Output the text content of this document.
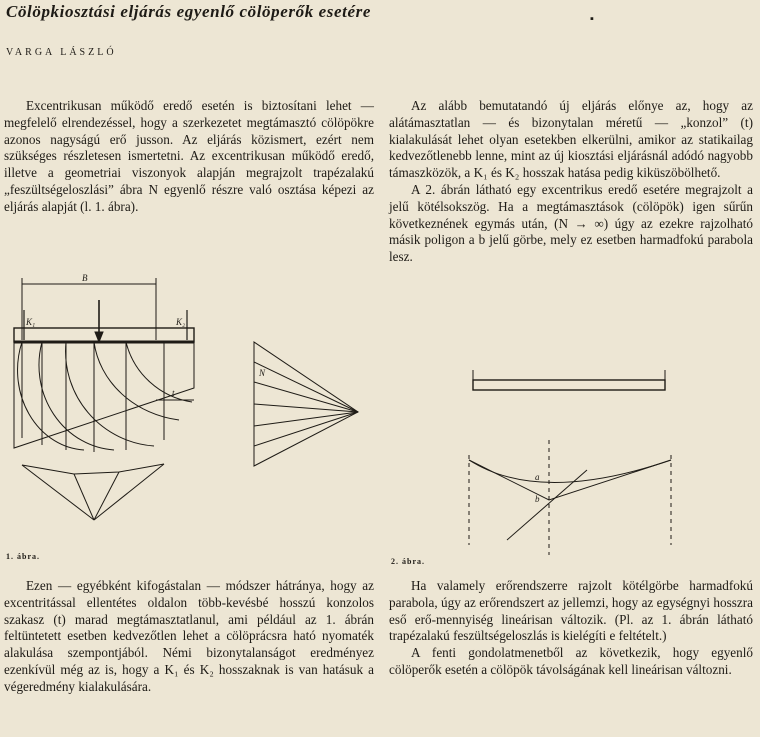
Cölöpkiosztási eljárás egyenlő cölöperők esetére	▪
VARGA LÁSZLÓ

Excentrikusan működő eredő esetén is biztosítani lehet — megfelelő elrendezéssel, hogy a szerkezetet megtámasztó cölöpökre azonos nagyságú erő jusson. Az eljárás közismert, ezért nem szükséges részletesen ismertetni. Az excentrikusan működő eredő, illetve a geometriai viszonyok alapján megrajzolt trapézalakú „feszültségeloszlási” ábra N egyenlő részre való osztása képezi az eljárás alapját (l. 1. ábra).

Az alább bemutatandó új eljárás előnye az, hogy az alátámasztatlan — és bizonytalan méretű — „konzol” (t) kialakulását lehet olyan esetekben elkerülni, amikor az statikailag kedvezőtlenebb lenne, mint az új kiosztási eljárásnál adódó nagyobb támaszközök, a K₁ és K₂ hosszak hatása pedig kiküszöbölhető.

A 2. ábrán látható egy excentrikus eredő esetére megrajzolt a jelű kötélsokszög. Ha a megtámasztások (cölöpök) igen sűrűn következnének egymás után, (N → ∞) úgy az ezekre rajzolható másik poligon a b jelű görbe, mely ez esetben harmadfokú parabola lesz.

B
t
K₁	K₂
N
1. ábra.
a
b
2. ábra.

Ezen — egyébként kifogástalan — módszer hátránya, hogy az excentritással ellentétes oldalon több-kevésbé hosszú konzolos szakasz (t) marad megtámasztatlanul, ami például az 1. ábrán feltüntetett esetben kedvezőtlen lehet a cölöprácsra ható nyomaték alakulása szempontjából. Némi bizonytalanságot eredményez ezenkívül még az is, hogy a K₁ és K₂ hosszaknak is van hatásuk a végeredmény kialakulására.

Ha valamely erőrendszerre rajzolt kötélgörbe harmadfokú parabola, úgy az erőrendszert az jellemzi, hogy az egységnyi hosszra eső erő-mennyiség lineárisan változik. (Pl. az 1. ábrán látható trapézalakú feszültségeloszlás is kielégíti e feltételt.)

A fenti gondolatmenetből az következik, hogy egyenlő cölöperők esetén a cölöpök távolságának kell lineárisan változni.
